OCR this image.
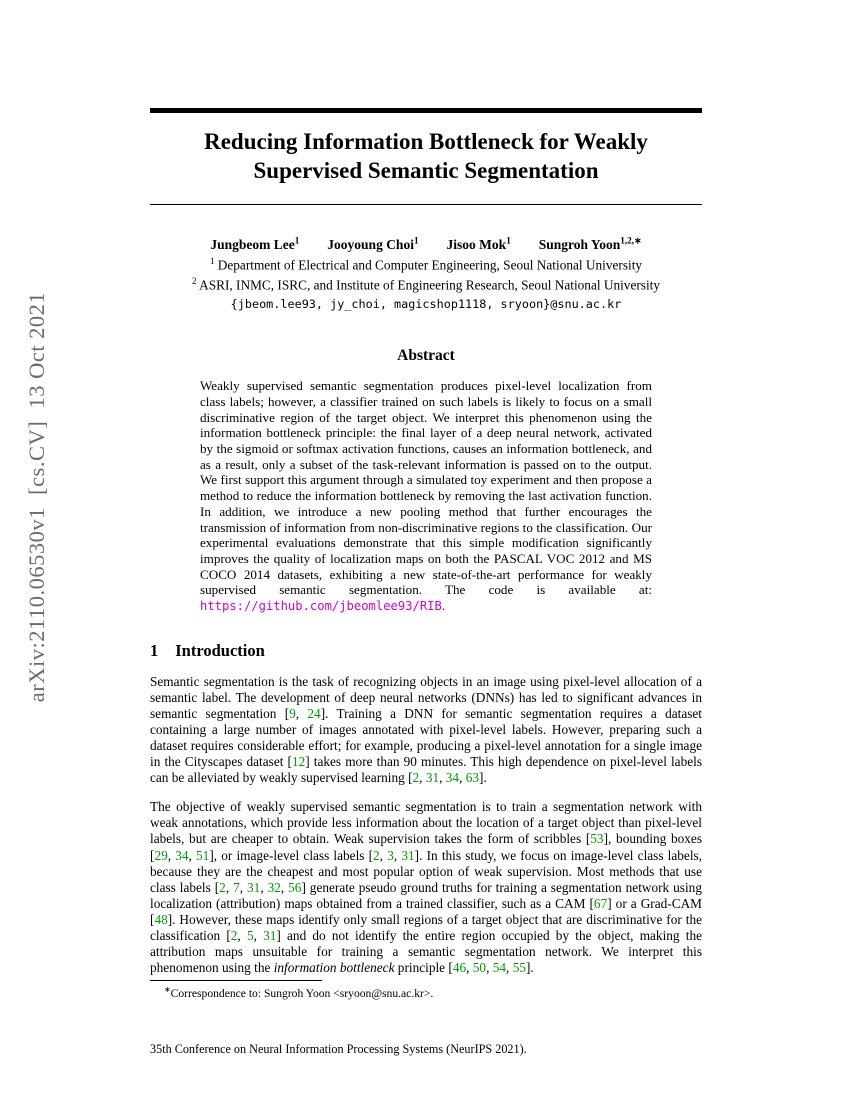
arXiv:2110.06530v1  [cs.CV]  13 Oct 2021
Reducing Information Bottleneck for Weakly Supervised Semantic Segmentation
Jungbeom Lee$^1$ Jooyoung Choi$^1$ Jisoo Mok$^1$ Sungroh Yoon$^{1,2,∗}$
$^1$ Department of Electrical and Computer Engineering, Seoul National University
$^2$ ASRI, INMC, ISRC, and Institute of Engineering Research, Seoul National University
{jbeom.lee93, jy_choi, magicshop1118, sryoon}@snu.ac.kr
Abstract

Weakly supervised semantic segmentation produces pixel-level localization from class labels; however, a classifier trained on such labels is likely to focus on a small discriminative region of the target object. We interpret this phenomenon using the information bottleneck principle: the final layer of a deep neural network, activated by the sigmoid or softmax activation functions, causes an information bottleneck, and as a result, only a subset of the task-relevant information is passed on to the output. We first support this argument through a simulated toy experiment and then propose a method to reduce the information bottleneck by removing the last activation function. In addition, we introduce a new pooling method that further encourages the transmission of information from non-discriminative regions to the classification. Our experimental evaluations demonstrate that this simple modification significantly improves the quality of localization maps on both the PASCAL VOC 2012 and MS COCO 2014 datasets, exhibiting a new state-of-the-art performance for weakly supervised semantic segmentation. The code is available at: https://github.com/jbeomlee93/RIB.

1 Introduction

Semantic segmentation is the task of recognizing objects in an image using pixel-level allocation of a semantic label. The development of deep neural networks (DNNs) has led to significant advances in semantic segmentation [9, 24]. Training a DNN for semantic segmentation requires a dataset containing a large number of images annotated with pixel-level labels. However, preparing such a dataset requires considerable effort; for example, producing a pixel-level annotation for a single image in the Cityscapes dataset [12] takes more than 90 minutes. This high dependence on pixel-level labels can be alleviated by weakly supervised learning [2, 31, 34, 63].

The objective of weakly supervised semantic segmentation is to train a segmentation network with weak annotations, which provide less information about the location of a target object than pixel-level labels, but are cheaper to obtain. Weak supervision takes the form of scribbles [53], bounding boxes [29, 34, 51], or image-level class labels [2, 3, 31]. In this study, we focus on image-level class labels, because they are the cheapest and most popular option of weak supervision. Most methods that use class labels [2, 7, 31, 32, 56] generate pseudo ground truths for training a segmentation network using localization (attribution) maps obtained from a trained classifier, such as a CAM [67] or a Grad-CAM [48]. However, these maps identify only small regions of a target object that are discriminative for the classification [2, 5, 31] and do not identify the entire region occupied by the object, making the attribution maps unsuitable for training a semantic segmentation network. We interpret this phenomenon using the information bottleneck principle [46, 50, 54, 55].

∗Correspondence to: Sungroh Yoon <sryoon@snu.ac.kr>.

35th Conference on Neural Information Processing Systems (NeurIPS 2021).
